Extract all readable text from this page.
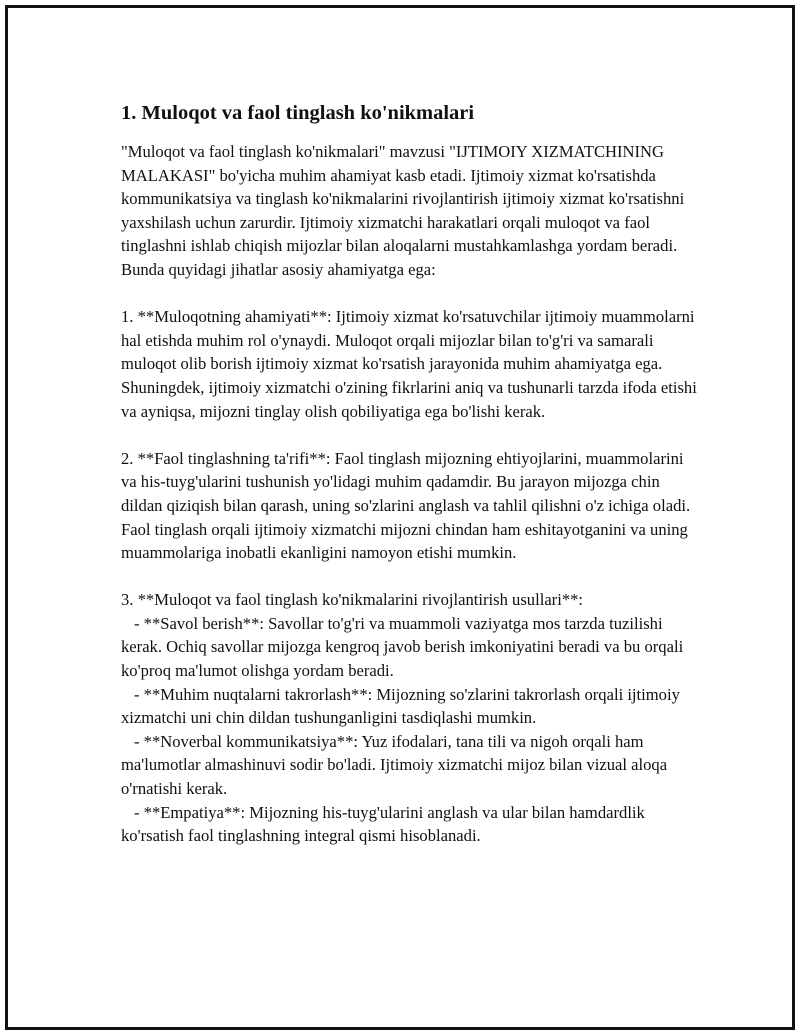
1. Muloqot va faol tinglash ko'nikmalari

"Muloqot va faol tinglash ko'nikmalari" mavzusi "IJTIMOIY XIZMATCHINING MALAKASI" bo'yicha muhim ahamiyat kasb etadi. Ijtimoiy xizmat ko'rsatishda kommunikatsiya va tinglash ko'nikmalarini rivojlantirish ijtimoiy xizmat ko'rsatishni yaxshilash uchun zarurdir. Ijtimoiy xizmatchi harakatlari orqali muloqot va faol tinglashni ishlab chiqish mijozlar bilan aloqalarni mustahkamlashga yordam beradi. Bunda quyidagi jihatlar asosiy ahamiyatga ega:

1. **Muloqotning ahamiyati**: Ijtimoiy xizmat ko'rsatuvchilar ijtimoiy muammolarni hal etishda muhim rol o'ynaydi. Muloqot orqali mijozlar bilan to'g'ri va samarali muloqot olib borish ijtimoiy xizmat ko'rsatish jarayonida muhim ahamiyatga ega. Shuningdek, ijtimoiy xizmatchi o'zining fikrlarini aniq va tushunarli tarzda ifoda etishi va ayniqsa, mijozni tinglay olish qobiliyatiga ega bo'lishi kerak.

2. **Faol tinglashning ta'rifi**: Faol tinglash mijozning ehtiyojlarini, muammolarini va his-tuyg'ularini tushunish yo'lidagi muhim qadamdir. Bu jarayon mijozga chin dildan qiziqish bilan qarash, uning so'zlarini anglash va tahlil qilishni o'z ichiga oladi. Faol tinglash orqali ijtimoiy xizmatchi mijozni chindan ham eshitayotganini va uning muammolariga inobatli ekanligini namoyon etishi mumkin.

3. **Muloqot va faol tinglash ko'nikmalarini rivojlantirish usullari**:
- **Savol berish**: Savollar to'g'ri va muammoli vaziyatga mos tarzda tuzilishi kerak. Ochiq savollar mijozga kengroq javob berish imkoniyatini beradi va bu orqali ko'proq ma'lumot olishga yordam beradi.
- **Muhim nuqtalarni takrorlash**: Mijozning so'zlarini takrorlash orqali ijtimoiy xizmatchi uni chin dildan tushunganligini tasdiqlashi mumkin.
- **Noverbal kommunikatsiya**: Yuz ifodalari, tana tili va nigoh orqali ham ma'lumotlar almashinuvi sodir bo'ladi. Ijtimoiy xizmatchi mijoz bilan vizual aloqa o'rnatishi kerak.
- **Empatiya**: Mijozning his-tuyg'ularini anglash va ular bilan hamdardlik ko'rsatish faol tinglashning integral qismi hisoblanadi.
